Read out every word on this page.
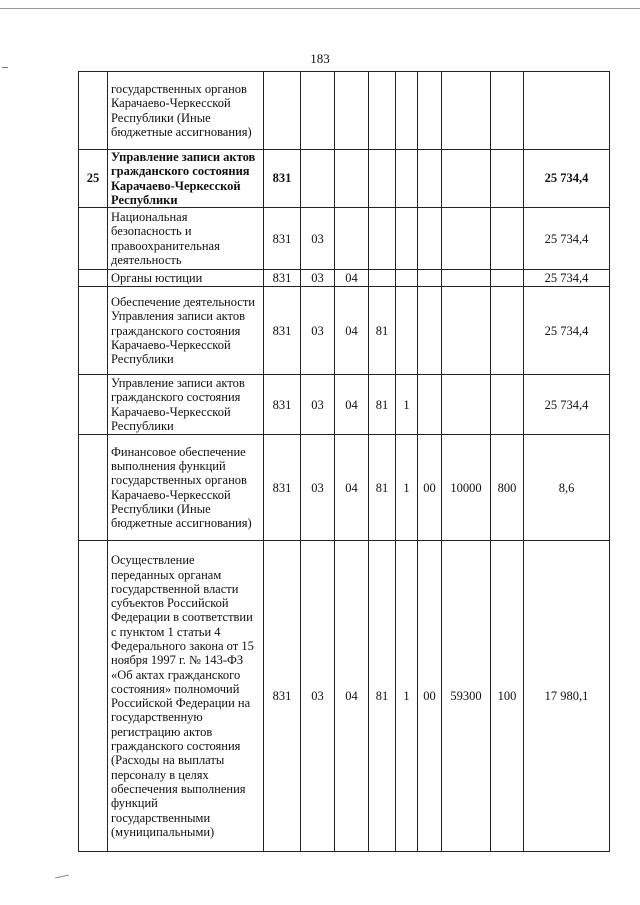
183
	государственных органов Карачаево-Черкесской Республики (Иные бюджетные ассигнования)									
25	Управление записи актов гражданского состояния Карачаево-Черкесской Республики	831								25 734,4
	Национальная безопасность и правоохранительная деятельность	831	03							25 734,4
	Органы юстиции	831	03	04						25 734,4
	Обеспечение деятельности Управления записи актов гражданского состояния Карачаево-Черкесской Республики	831	03	04	81					25 734,4
	Управление записи актов гражданского состояния Карачаево-Черкесской Республики	831	03	04	81	1				25 734,4
	Финансовое обеспечение выполнения функций государственных органов Карачаево-Черкесской Республики (Иные бюджетные ассигнования)	831	03	04	81	1	00	10000	800	8,6
	Осуществление переданных органам государственной власти субъектов Российской Федерации в соответствии с пунктом 1 статьи 4 Федерального закона от 15 ноября 1997 г. № 143-ФЗ «Об актах гражданского состояния» полномочий Российской Федерации на государственную регистрацию актов гражданского состояния (Расходы на выплаты персоналу в целях обеспечения выполнения функций государственными (муниципальными)	831	03	04	81	1	00	59300	100	17 980,1
